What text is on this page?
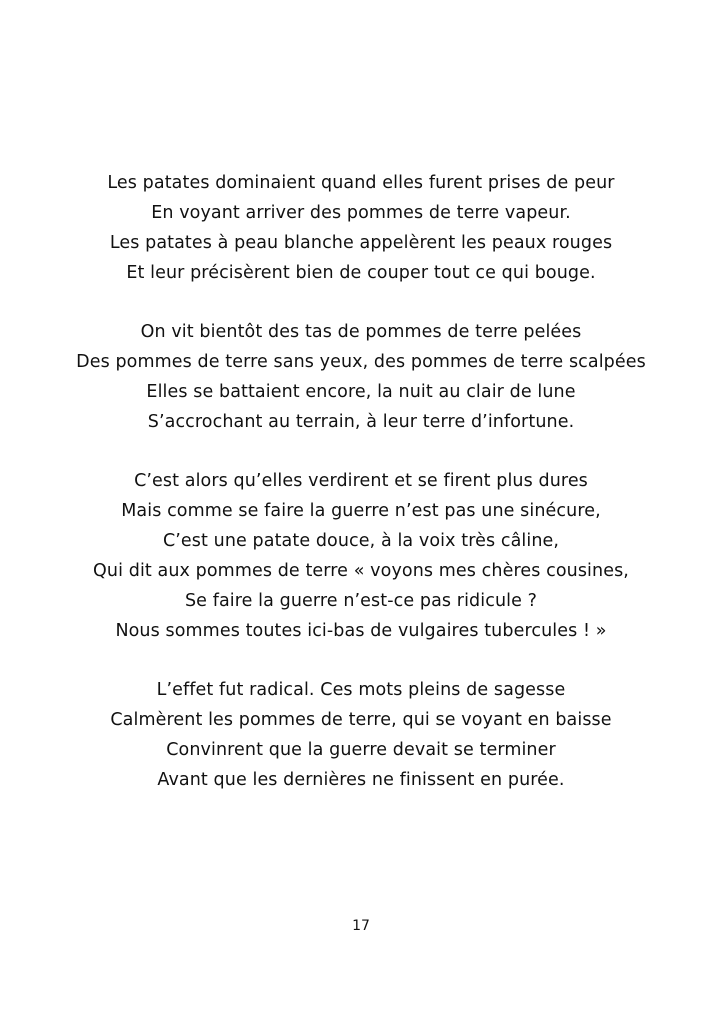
Les patates dominaient quand elles furent prises de peur
En voyant arriver des pommes de terre vapeur.
Les patates à peau blanche appelèrent les peaux rouges
Et leur précisèrent bien de couper tout ce qui bouge.
On vit bientôt des tas de pommes de terre pelées
Des pommes de terre sans yeux, des pommes de terre scalpées
Elles se battaient encore, la nuit au clair de lune
S’accrochant au terrain, à leur terre d’infortune.
C’est alors qu’elles verdirent et se firent plus dures
Mais comme se faire la guerre n’est pas une sinécure,
C’est une patate douce, à la voix très câline,
Qui dit aux pommes de terre « voyons mes chères cousines,
Se faire la guerre n’est-ce pas ridicule ?
Nous sommes toutes ici-bas de vulgaires tubercules ! »
L’effet fut radical. Ces mots pleins de sagesse
Calmèrent les pommes de terre, qui se voyant en baisse
Convinrent que la guerre devait se terminer
Avant que les dernières ne finissent en purée.
17
